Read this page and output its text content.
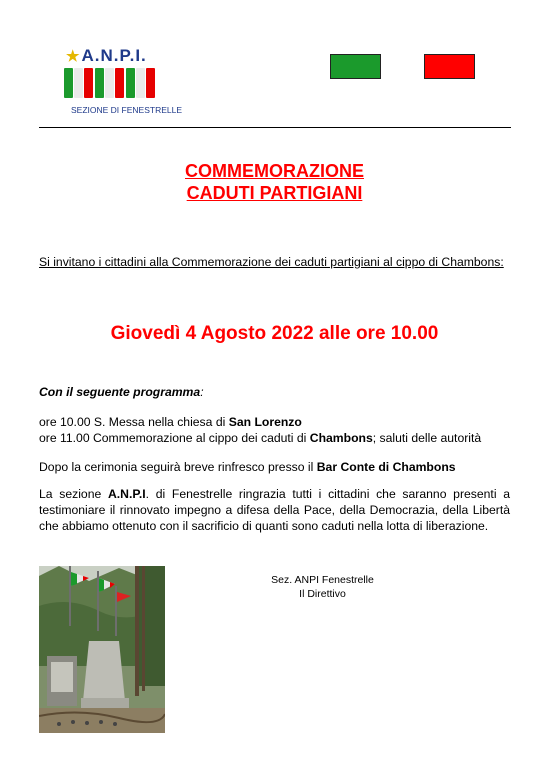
★A.N.P.I.
SEZIONE DI FENESTRELLE
COMMEMORAZIONE
CADUTI PARTIGIANI
Si invitano i cittadini alla Commemorazione dei caduti partigiani al cippo di Chambons:
Giovedì 4 Agosto 2022 alle ore 10.00
Con il seguente programma:
ore 10.00 S. Messa nella chiesa di San Lorenzo
ore 11.00 Commemorazione al cippo dei caduti di Chambons; saluti delle autorità
Dopo la cerimonia seguirà breve rinfresco presso il Bar Conte di Chambons
La sezione A.N.P.I. di Fenestrelle ringrazia tutti i cittadini che saranno presenti a testimoniare il rinnovato impegno a difesa della Pace, della Democrazia, della Libertà che abbiamo ottenuto con il sacrificio di quanti sono caduti nella lotta di liberazione.
Sez. ANPI Fenestrelle
Il Direttivo
